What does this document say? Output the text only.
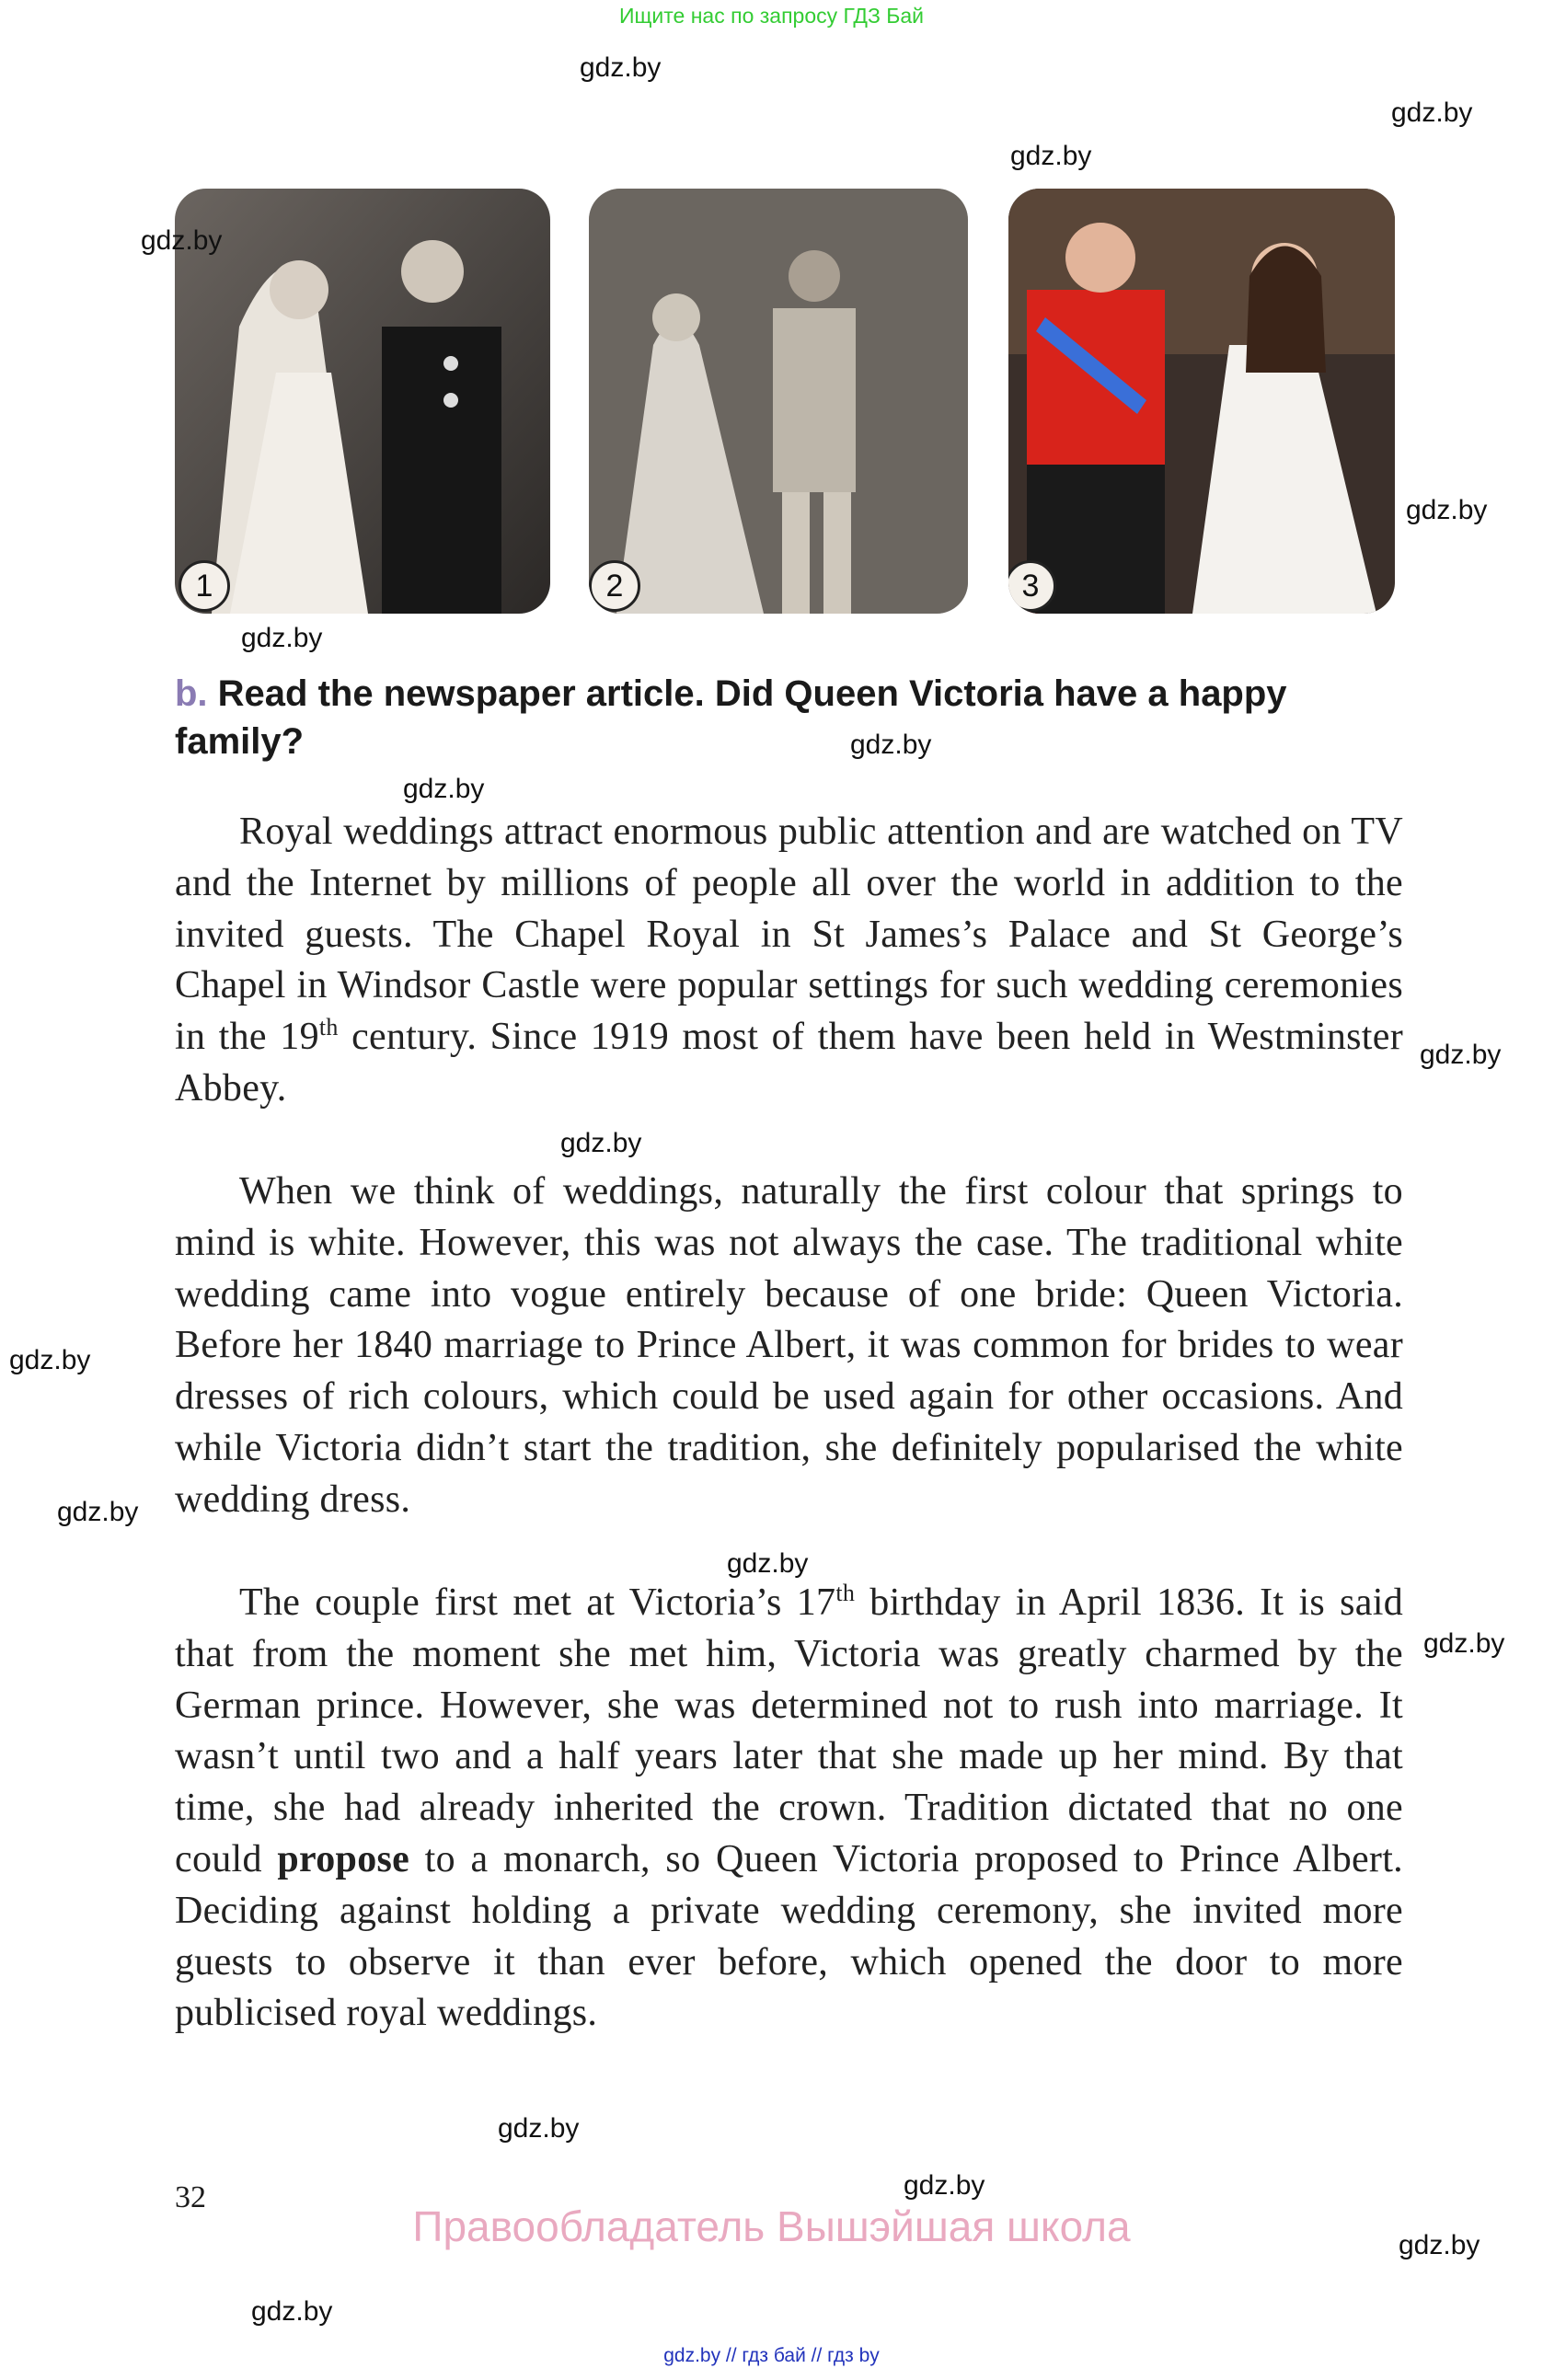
Ищите нас по запросу ГДЗ Бай
1	2	3
b. Read the newspaper article. Did Queen Victoria have a happy family?
Royal weddings attract enormous public attention and are watched on TV and the Internet by millions of people all over the world in addition to the invited guests. The Chapel Royal in St James’s Palace and St George’s Chapel in Windsor Castle were popular settings for such wedding ceremonies in the 19th century. Since 1919 most of them have been held in Westminster Abbey.
When we think of weddings, naturally the first colour that springs to mind is white. However, this was not always the case. The traditional white wedding came into vogue entirely because of one bride: Queen Victoria. Before her 1840 marriage to Prince Albert, it was common for brides to wear dresses of rich colours, which could be used again for other occasions. And while Victoria didn’t start the tradition, she definitely popularised the white wedding dress.
The couple first met at Victoria’s 17th birthday in April 1836. It is said that from the moment she met him, Victoria was greatly charmed by the German prince. However, she was determined not to rush into marriage. It wasn’t until two and a half years later that she made up her mind. By that time, she had already inherited the crown. Tradition dictated that no one could propose to a monarch, so Queen Victoria proposed to Prince Albert. Deciding against holding a private wedding ceremony, she invited more guests to observe it than ever before, which opened the door to more publicised royal weddings.
gdz.by
gdz.by
gdz.by
gdz.by
gdz.by
gdz.by
gdz.by
gdz.by
gdz.by
gdz.by
gdz.by
gdz.by
gdz.by
gdz.by
gdz.by
gdz.by
gdz.by
gdz.by
32
Правообладатель Вышэйшая школа
gdz.by // гдз бай // гдз by
